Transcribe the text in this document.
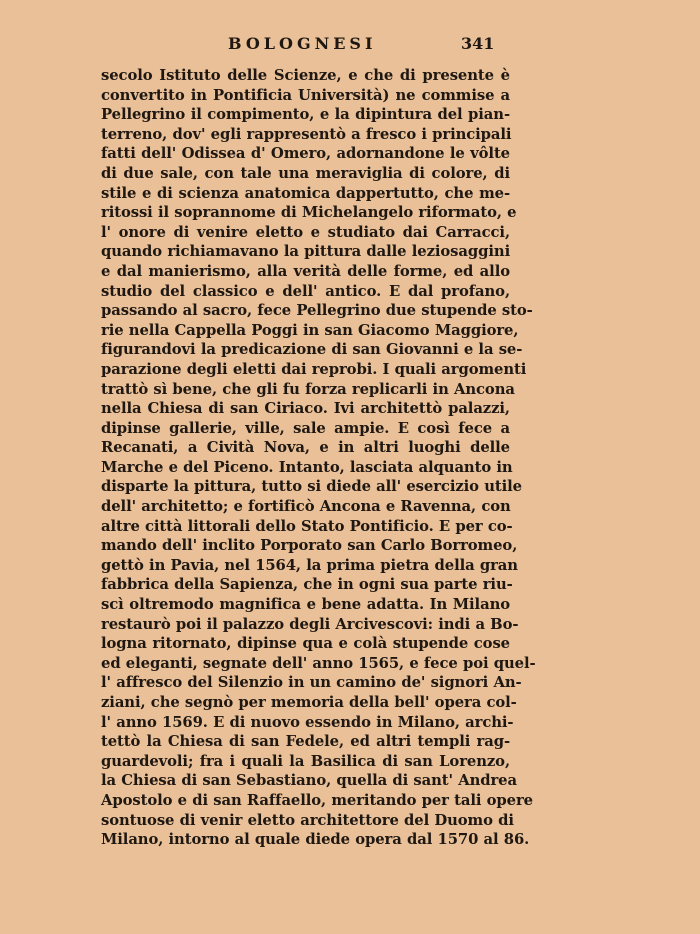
BOLOGNESI	341
secolo Istituto delle Scienze, e che di presente è
convertito in Pontificia Università) ne commise a
Pellegrino il compimento, e la dipintura del pian-
terreno, dov' egli rappresentò a fresco i principali
fatti dell' Odissea d' Omero, adornandone le vôlte
di due sale, con tale una meraviglia di colore, di
stile e di scienza anatomica dappertutto, che me-
ritossi il soprannome di Michelangelo riformato, e
l' onore di venire eletto e studiato dai Carracci,
quando richiamavano la pittura dalle leziosaggini
e dal manierismo, alla verità delle forme, ed allo
studio del classico e dell' antico. E dal profano,
passando al sacro, fece Pellegrino due stupende sto-
rie nella Cappella Poggi in san Giacomo Maggiore,
figurandovi la predicazione di san Giovanni e la se-
parazione degli eletti dai reprobi. I quali argomenti
trattò sì bene, che gli fu forza replicarli in Ancona
nella Chiesa di san Ciriaco. Ivi architettò palazzi,
dipinse gallerie, ville, sale ampie. E così fece a
Recanati, a Cività Nova, e in altri luoghi delle
Marche e del Piceno. Intanto, lasciata alquanto in
disparte la pittura, tutto si diede all' esercizio utile
dell' architetto; e fortificò Ancona e Ravenna, con
altre città littorali dello Stato Pontificio. E per co-
mando dell' inclito Porporato san Carlo Borromeo,
gettò in Pavia, nel 1564, la prima pietra della gran
fabbrica della Sapienza, che in ogni sua parte riu-
scì oltremodo magnifica e bene adatta. In Milano
restaurò poi il palazzo degli Arcivescovi: indi a Bo-
logna ritornato, dipinse qua e colà stupende cose
ed eleganti, segnate dell' anno 1565, e fece poi quel-
l' affresco del Silenzio in un camino de' signori An-
ziani, che segnò per memoria della bell' opera col-
l' anno 1569. E di nuovo essendo in Milano, archi-
tettò la Chiesa di san Fedele, ed altri templi rag-
guardevoli; fra i quali la Basilica di san Lorenzo,
la Chiesa di san Sebastiano, quella di sant' Andrea
Apostolo e di san Raffaello, meritando per tali opere
sontuose di venir eletto architettore del Duomo di
Milano, intorno al quale diede opera dal 1570 al 86.
